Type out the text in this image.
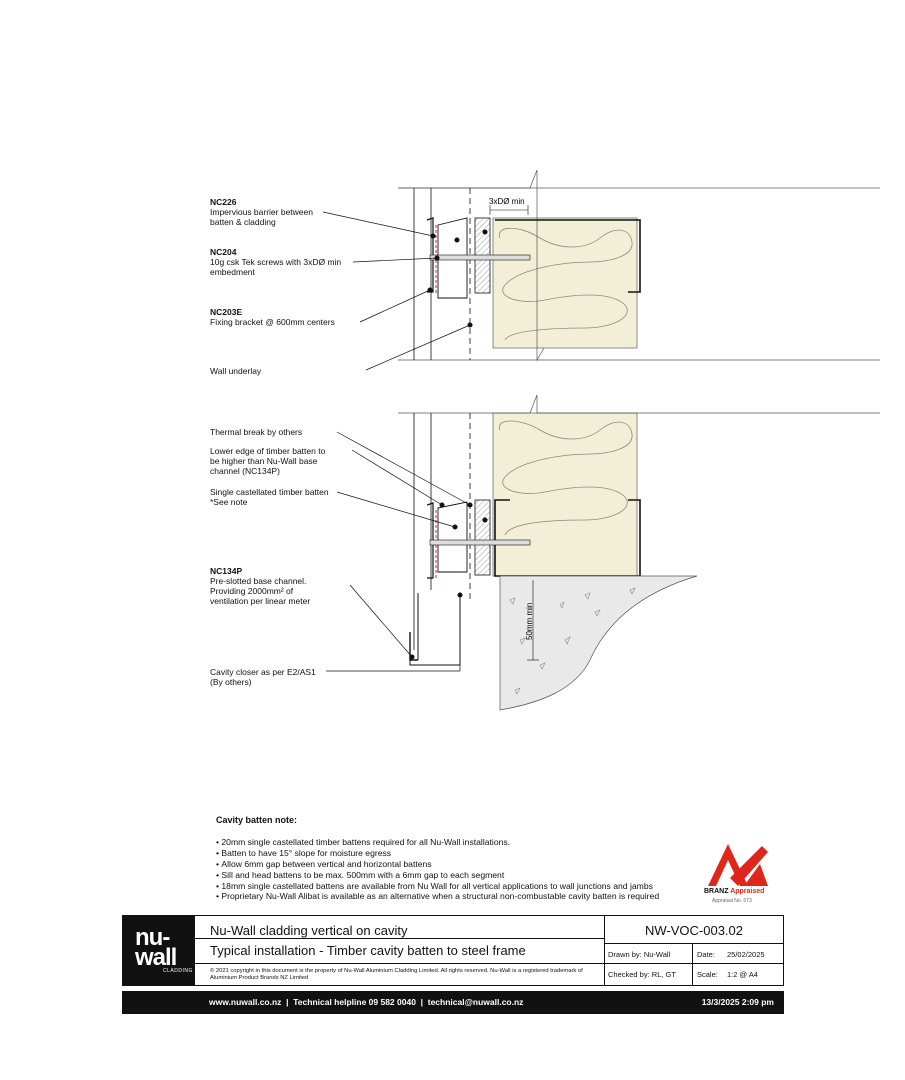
3xDØ min
50mm min
NC226
Impervious barrier between
batten & cladding
NC204
10g csk Tek screws with 3xDØ min
embedment
NC203E
Fixing bracket @ 600mm centers
Wall underlay
Thermal break by others
Lower edge of timber batten to
be higher than Nu-Wall base
channel (NC134P)
Single castellated timber batten
*See note
NC134P
Pre-slotted base channel.
Providing 2000mm² of
ventilation per linear meter
Cavity closer as per E2/AS1
(By others)
Cavity batten note:
• 20mm single castellated timber battens required for all Nu-Wall installations.
• Batten to have 15° slope for moisture egress
• Allow 6mm gap between vertical and horizontal battens
• Sill and head battens to be max. 500mm with a 6mm gap to each segment
• 18mm single castellated battens are available from Nu Wall for all vertical applications to wall junctions and jambs
• Proprietary Nu-Wall Alibat is available as an alternative when a structural non-combustable cavity batten is required	BRANZ Appraised
Appraisal No. 673
nu-
wall
CLADDING
Nu-Wall cladding vertical on cavity
Typical installation - Timber cavity batten to steel frame
© 2021 copyright in this document is the property of Nu-Wall Aluminium Cladding Limited. All rights reserved. Nu-Wall is a registered trademark of Aluminium Product Brands NZ Limited
NW-VOC-003.02
Drawn by: Nu-Wall	Date: 25/02/2025
Checked by: RL, GT	Scale: 1:2 @ A4
www.nuwall.co.nz  |  Technical helpline 09 582 0040  |  technical@nuwall.co.nz	13/3/2025 2:09 pm
